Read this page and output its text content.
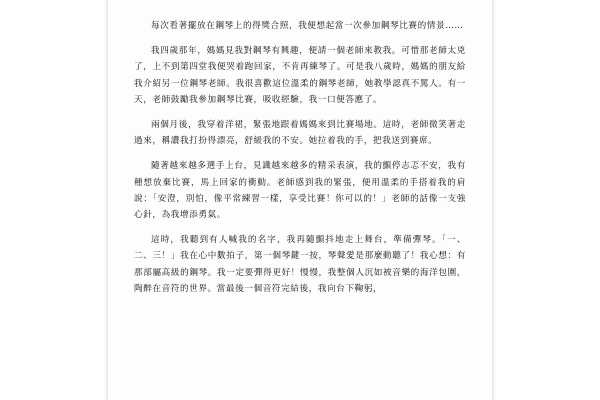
每次看著擺放在鋼琴上的得獎合照，我便想起當一次參加鋼琴比賽的情景……

我四歲那年，媽媽見我對鋼琴有興趣，便請一個老師來教我。可惜那老師太兇了，上不到第四堂我便哭着跑回家，不肯再練琴了。可是我八歲時，媽媽的朋友給我介紹另一位鋼琴老師。我很喜歡這位溫柔的鋼琴老師，她教學認真不罵人。有一天，老師鼓勵我參加鋼琴比賽，吸收經驗，我一口便答應了。

兩個月後，我穿着洋裙，緊張地跟着媽媽來到比賽場地。這時，老師微笑著走過來，稱讚我打扮得漂亮，舒緩我的不安。她拉着我的手，把我送到賽席。

隨著越來越多選手上台，見識越來越多的精采表演，我的顫停志忑不安，我有種想放棄比賽，馬上回家的衝動。老師感到我的緊張，便用溫柔的手搭着我的肩說：「安澄，別怕，像平常練習一樣，享受比賽！你可以的！」老師的話像一支強心針，為我增添勇氣。

這時，我聽到有人喊我的名字，我再隨顫抖地走上舞台，準備彈琴。「一、二、三！」我在心中數拍子，第一個琴鍵一按，琴聲愛是那麼動聽了！我心想：有那部屬高級的鋼琴。我一定要彈得更好！慢慢，我整個人沉如被音樂的海洋包圍，陶醉在音符的世界。當最後一個音符完結後，我向台下鞠躬，
